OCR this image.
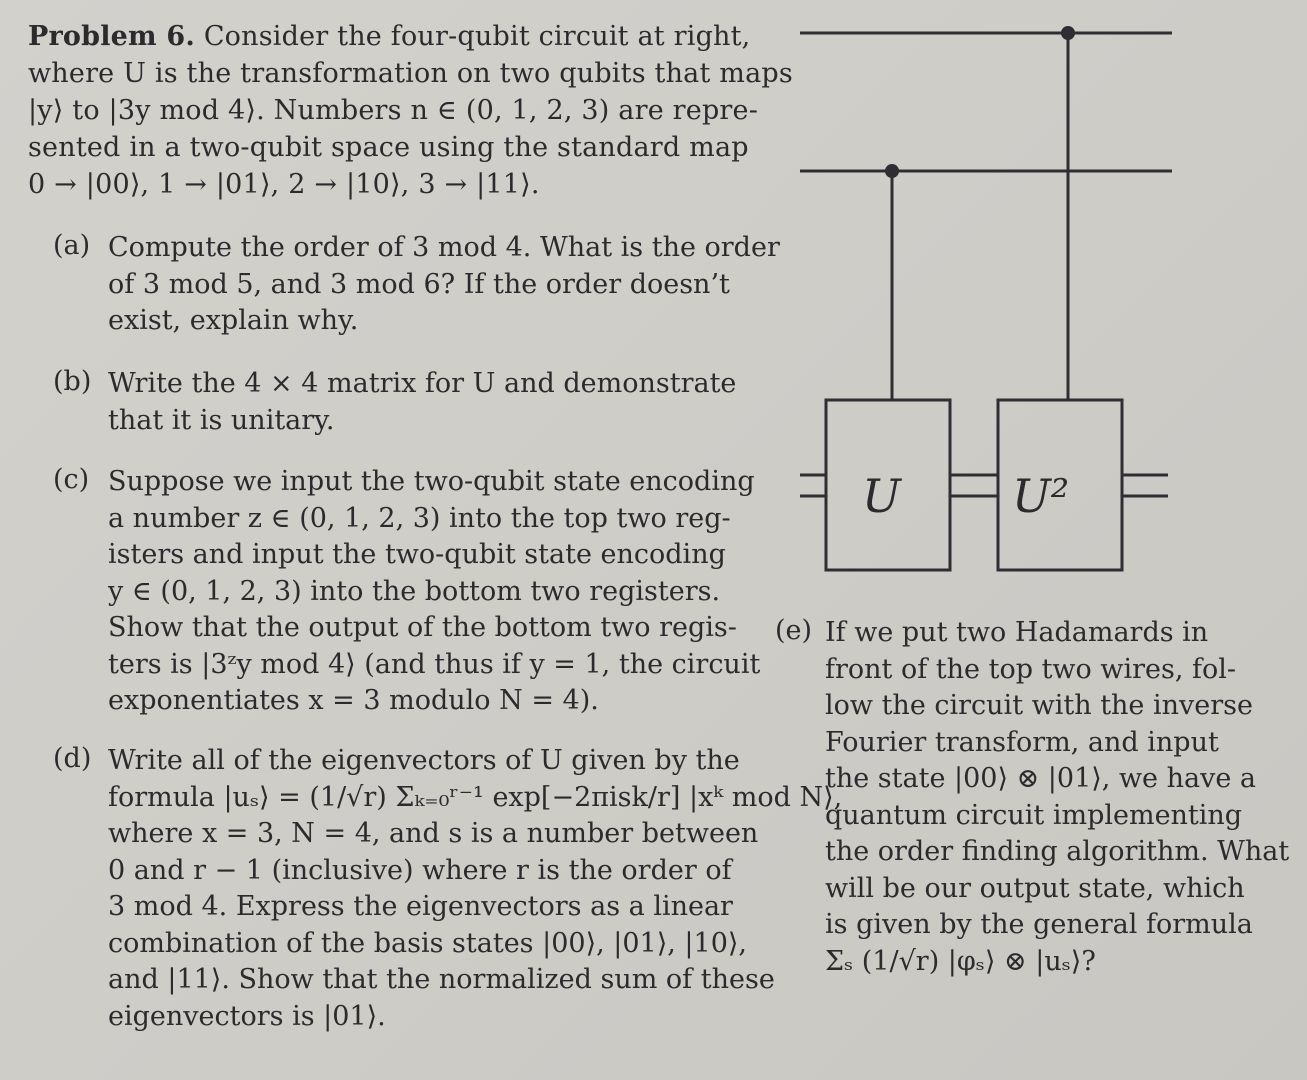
Problem 6. Consider the four-qubit circuit at right,
where U is the transformation on two qubits that maps
|y⟩ to |3y mod 4⟩. Numbers n ∈ (0, 1, 2, 3) are repre-
sented in a two-qubit space using the standard map
0 → |00⟩, 1 → |01⟩, 2 → |10⟩, 3 → |11⟩.
(a) Compute the order of 3 mod 4. What is the order
of 3 mod 5, and 3 mod 6? If the order doesn’t
exist, explain why.
(b) Write the 4 × 4 matrix for U and demonstrate
that it is unitary.
(c) Suppose we input the two-qubit state encoding
a number z ∈ (0, 1, 2, 3) into the top two reg-
isters and input the two-qubit state encoding
y ∈ (0, 1, 2, 3) into the bottom two registers.
Show that the output of the bottom two regis-
ters is |3ᶻy mod 4⟩ (and thus if y = 1, the circuit
exponentiates x = 3 modulo N = 4).
(d) Write all of the eigenvectors of U given by the
formula |uₛ⟩ = (1/√r) Σₖ₌₀ʳ⁻¹ exp[−2πisk/r] |xᵏ mod N⟩,
where x = 3, N = 4, and s is a number between
0 and r − 1 (inclusive) where r is the order of
3 mod 4. Express the eigenvectors as a linear
combination of the basis states |00⟩, |01⟩, |10⟩,
and |11⟩. Show that the normalized sum of these
eigenvectors is |01⟩.
(e) If we put two Hadamards in
front of the top two wires, fol-
low the circuit with the inverse
Fourier transform, and input
the state |00⟩ ⊗ |01⟩, we have a
quantum circuit implementing
the order finding algorithm. What
will be our output state, which
is given by the general formula
Σₛ (1/√r) |φₛ⟩ ⊗ |uₛ⟩?
U U²
